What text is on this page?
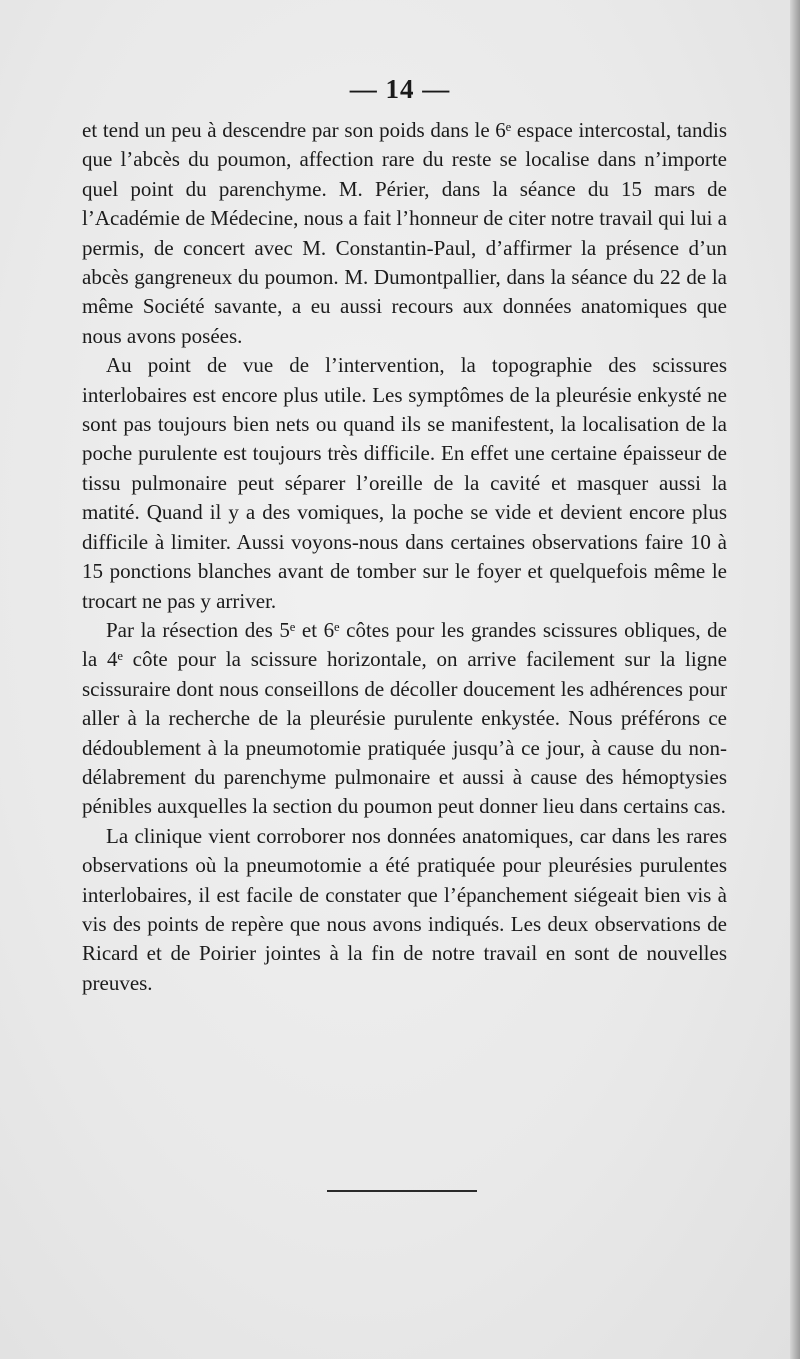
— 14 —

et tend un peu à descendre par son poids dans le 6ᵉ espace intercostal, tandis que l’abcès du poumon, affection rare du reste se localise dans n’importe quel point du parenchyme. M. Périer, dans la séance du 15 mars de l’Académie de Médecine, nous a fait l’honneur de citer notre travail qui lui a permis, de concert avec M. Constantin-Paul, d’affirmer la présence d’un abcès gangreneux du poumon. M. Dumontpallier, dans la séance du 22 de la même Société savante, a eu aussi recours aux données anatomiques que nous avons posées.

Au point de vue de l’intervention, la topographie des scissures interlobaires est encore plus utile. Les symptômes de la pleurésie enkysté ne sont pas toujours bien nets ou quand ils se manifestent, la localisation de la poche purulente est toujours très difficile. En effet une certaine épaisseur de tissu pulmonaire peut séparer l’oreille de la cavité et masquer aussi la matité. Quand il y a des vomiques, la poche se vide et devient encore plus difficile à limiter. Aussi voyons-nous dans certaines observations faire 10 à 15 ponctions blanches avant de tomber sur le foyer et quelquefois même le trocart ne pas y arriver.

Par la résection des 5ᵉ et 6ᵉ côtes pour les grandes scissures obliques, de la 4ᵉ côte pour la scissure horizontale, on arrive facilement sur la ligne scissuraire dont nous conseillons de décoller doucement les adhérences pour aller à la recherche de la pleurésie purulente enkystée. Nous préférons ce dédoublement à la pneumotomie pratiquée jusqu’à ce jour, à cause du non-délabrement du parenchyme pulmonaire et aussi à cause des hémoptysies pénibles auxquelles la section du poumon peut donner lieu dans certains cas.

La clinique vient corroborer nos données anatomiques, car dans les rares observations où la pneumotomie a été pratiquée pour pleurésies purulentes interlobaires, il est facile de constater que l’épanchement siégeait bien vis à vis des points de repère que nous avons indiqués. Les deux observations de Ricard et de Poirier jointes à la fin de notre travail en sont de nouvelles preuves.
